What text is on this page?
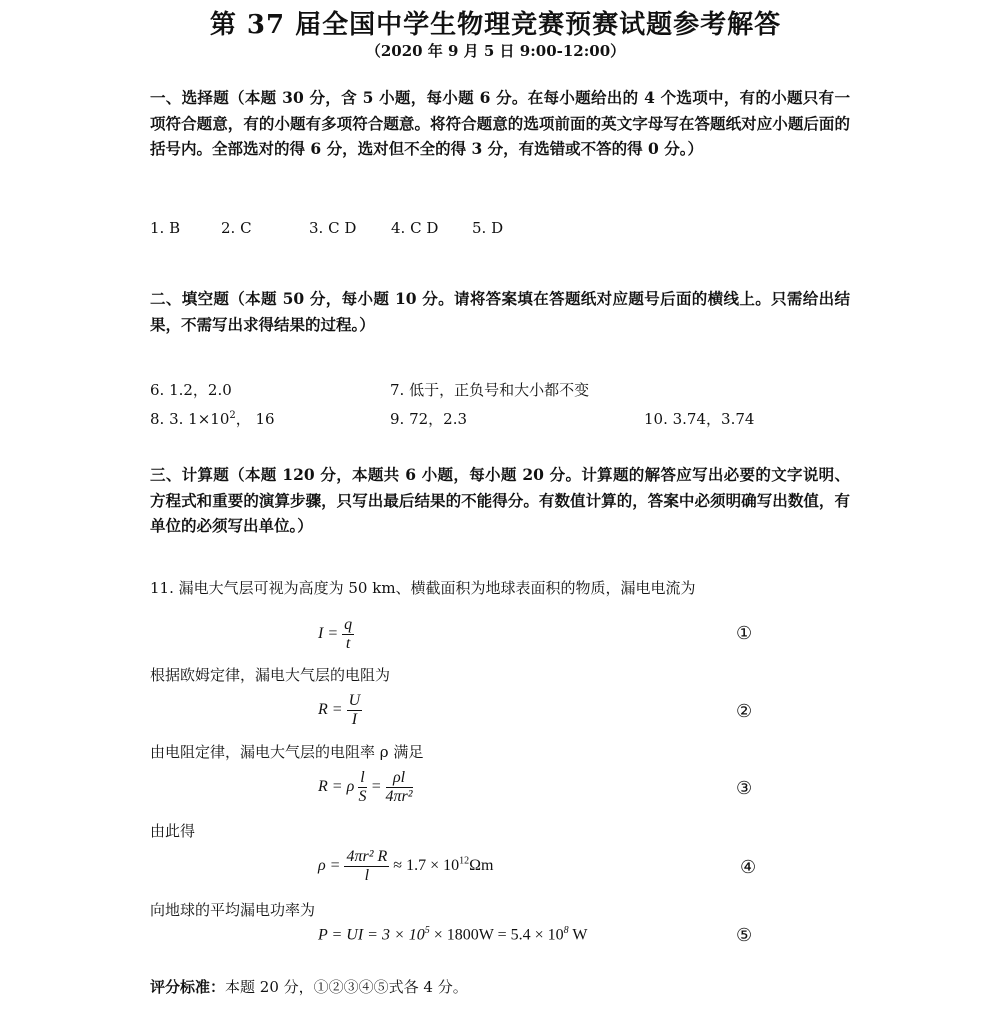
第 37 届全国中学生物理竞赛预赛试题参考解答
（2020 年 9 月 5 日 9:00-12:00）
一、选择题（本题 30 分，含 5 小题，每小题 6 分。在每小题给出的 4 个选项中，有的小题只有一项符合题意，有的小题有多项符合题意。将符合题意的选项前面的英文字母写在答题纸对应小题后面的括号内。全部选对的得 6 分，选对但不全的得 3 分，有选错或不答的得 0 分。）
1. B	2. C	3. C D 4. C D 5. D
二、填空题（本题 50 分，每小题 10 分。请将答案填在答题纸对应题号后面的横线上。只需给出结果，不需写出求得结果的过程。）
6. 1.2，2.0	7. 低于，正负号和大小都不变
8. 3. $1\times 10^2$， 16	9. 72，2.3	10. 3.74，3.74
三、计算题（本题 120 分，本题共 6 小题，每小题 20 分。计算题的解答应写出必要的文字说明、方程式和重要的演算步骤，只写出最后结果的不能得分。有数值计算的，答案中必须明确写出数值，有单位的必须写出单位。）
11. 漏电大气层可视为高度为 50 km、横截面积为地球表面积的物质，漏电电流为
$I = \frac{q}{t}$	①
根据欧姆定律，漏电大气层的电阻为
$R = \frac{U}{I}$	②
由电阻定律，漏电大气层的电阻率 ρ 满足
R = ρ $\frac{l}{S} = \frac{\rho l}{\text{4πr²}}$	③
由此得
$\rho = \frac{\text{4πr² R}}{l} \approx 1.7 \times 10^{12}\Omega m$	④
向地球的平均漏电功率为
P = UI = $3 \times 10^5 \times 1800W = 5.4 \times 10^8$ W	⑤
评分标准：本题 20 分，①②③④⑤式各 4 分。
